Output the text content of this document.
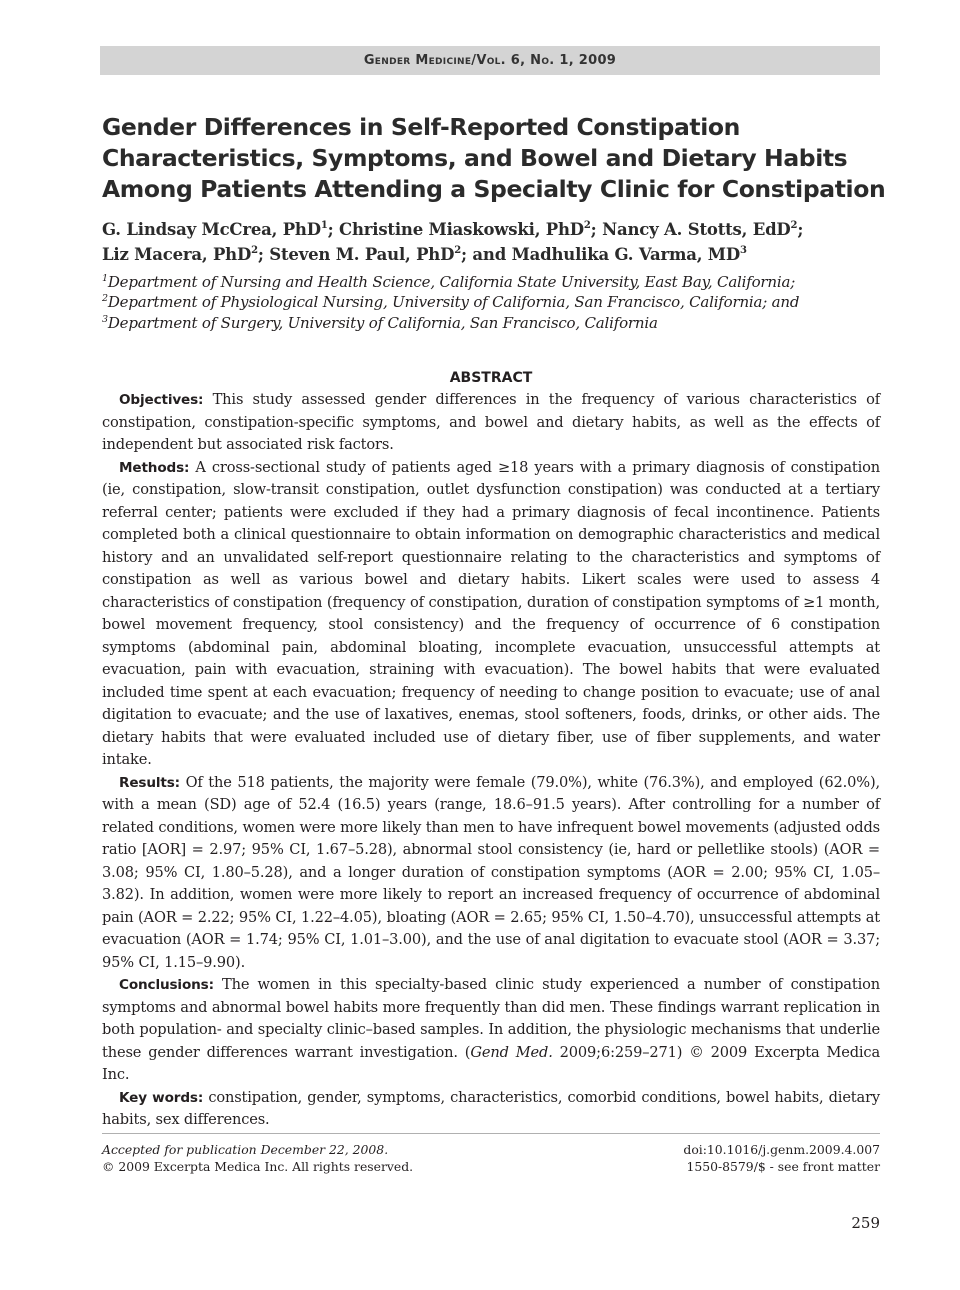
Gender Medicine/Vol. 6, No. 1, 2009
Gender Differences in Self-Reported Constipation Characteristics, Symptoms, and Bowel and Dietary Habits Among Patients Attending a Specialty Clinic for Constipation

G. Lindsay McCrea, PhD$^1$; Christine Miaskowski, PhD$^2$; Nancy A. Stotts, EdD$^2$;
Liz Macera, PhD$^2$; Steven M. Paul, PhD$^2$; and Madhulika G. Varma, $MD^3$

$^1$Department of Nursing and Health Science, California State University, East Bay, California; $^2$Department of Physiological Nursing, University of California, San Francisco, California; and $^3$Department of Surgery, University of California, San Francisco, California

ABSTRACT

Objectives: This study assessed gender differences in the frequency of various characteristics of constipation, constipation-specific symptoms, and bowel and dietary habits, as well as the effects of independent but associated risk factors.

Methods: A cross-sectional study of patients aged ≥18 years with a primary diagnosis of constipation (ie, constipation, slow-transit constipation, outlet dysfunction constipation) was conducted at a tertiary referral center; patients were excluded if they had a primary diagnosis of fecal incontinence. Patients completed both a clinical questionnaire to obtain information on demographic characteristics and medical history and an unvalidated self-report questionnaire relating to the characteristics and symptoms of constipation as well as various bowel and dietary habits. Likert scales were used to assess 4 characteristics of constipation (frequency of constipation, duration of constipation symptoms of ≥1 month, bowel movement frequency, stool consistency) and the frequency of occurrence of 6 constipation symptoms (abdominal pain, abdominal bloating, incomplete evacuation, unsuccessful attempts at evacuation, pain with evacuation, straining with evacuation). The bowel habits that were evaluated included time spent at each evacuation; frequency of needing to change position to evacuate; use of anal digitation to evacuate; and the use of laxatives, enemas, stool softeners, foods, drinks, or other aids. The dietary habits that were evaluated included use of dietary fiber, use of fiber supplements, and water intake.

Results: Of the 518 patients, the majority were female (79.0%), white (76.3%), and employed (62.0%), with a mean (SD) age of 52.4 (16.5) years (range, 18.6–91.5 years). After controlling for a number of related conditions, women were more likely than men to have infrequent bowel movements (adjusted odds ratio [AOR] = 2.97; 95% CI, 1.67–5.28), abnormal stool consistency (ie, hard or pelletlike stools) (AOR = 3.08; 95% CI, 1.80–5.28), and a longer duration of constipation symptoms (AOR = 2.00; 95% CI, 1.05–3.82). In addition, women were more likely to report an increased frequency of occurrence of abdominal pain (AOR = 2.22; 95% CI, 1.22–4.05), bloating (AOR = 2.65; 95% CI, 1.50–4.70), unsuccessful attempts at evacuation (AOR = 1.74; 95% CI, 1.01–3.00), and the use of anal digitation to evacuate stool (AOR = 3.37; 95% CI, 1.15–9.90).

Conclusions: The women in this specialty-based clinic study experienced a number of constipation symptoms and abnormal bowel habits more frequently than did men. These findings warrant replication in both population- and specialty clinic–based samples. In addition, the physiologic mechanisms that underlie these gender differences warrant investigation. (Gend Med. 2009;6:259–271) © 2009 Excerpta Medica Inc.

Key words: constipation, gender, symptoms, characteristics, comorbid conditions, bowel habits, dietary habits, sex differences.

Accepted for publication December 22, 2008.
© 2009 Excerpta Medica Inc. All rights reserved.
doi:10.1016/j.genm.2009.4.007
1550-8579/$ - see front matter
259
